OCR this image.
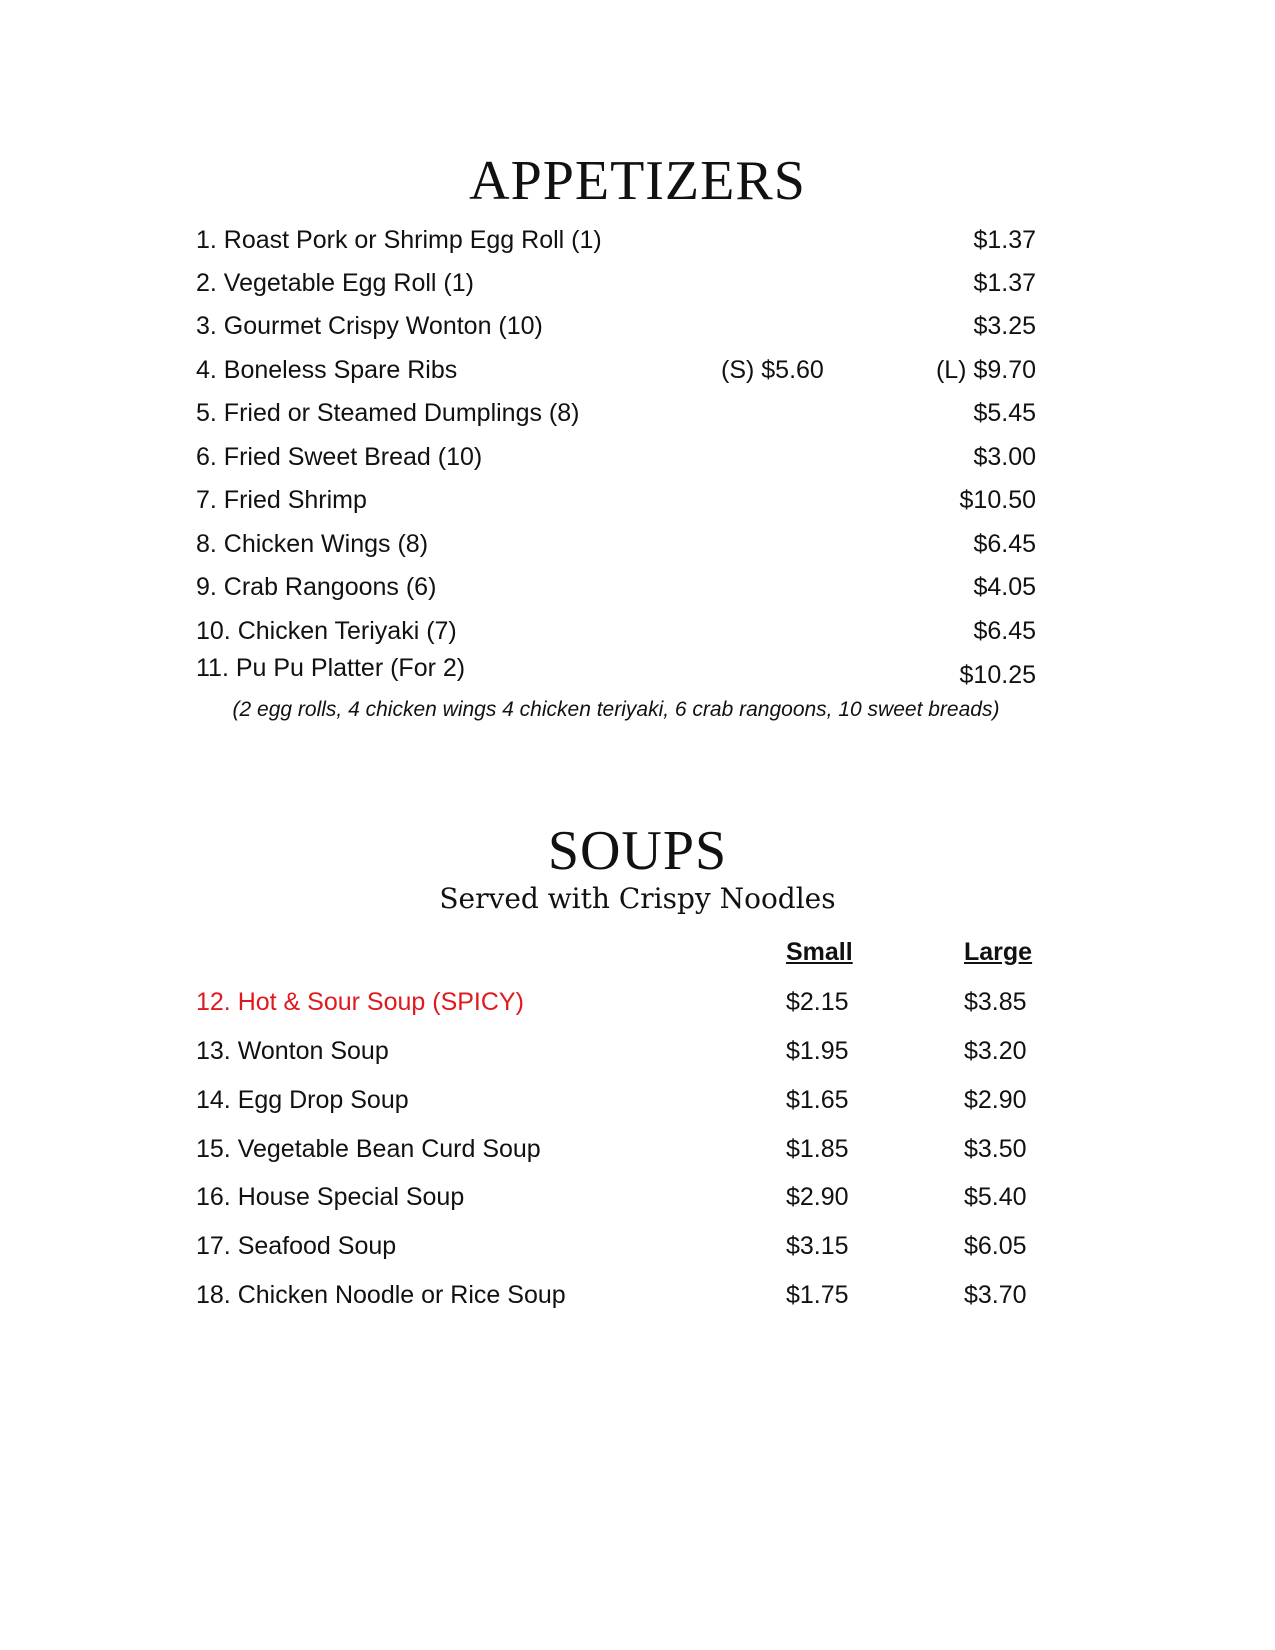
APPETIZERS
1. Roast Pork or Shrimp Egg Roll (1)	$1.37
2. Vegetable Egg Roll (1)	$1.37
3. Gourmet Crispy Wonton (10)	$3.25
4. Boneless Spare Ribs	(S) $5.60	(L) $9.70
5. Fried or Steamed Dumplings (8)	$5.45
6. Fried Sweet Bread (10)	$3.00
7. Fried Shrimp	$10.50
8. Chicken Wings (8)	$6.45
9. Crab Rangoons (6)	$4.05
10. Chicken Teriyaki (7)	$6.45
11. Pu Pu Platter (For 2)	$10.25
(2 egg rolls, 4 chicken wings 4 chicken teriyaki, 6 crab rangoons, 10 sweet breads)
SOUPS
Served with Crispy Noodles
Small	Large
12. Hot & Sour Soup (SPICY)	$2.15	$3.85
13. Wonton Soup	$1.95	$3.20
14. Egg Drop Soup	$1.65	$2.90
15. Vegetable Bean Curd Soup	$1.85	$3.50
16. House Special Soup	$2.90	$5.40
17. Seafood Soup	$3.15	$6.05
18. Chicken Noodle or Rice Soup	$1.75	$3.70
